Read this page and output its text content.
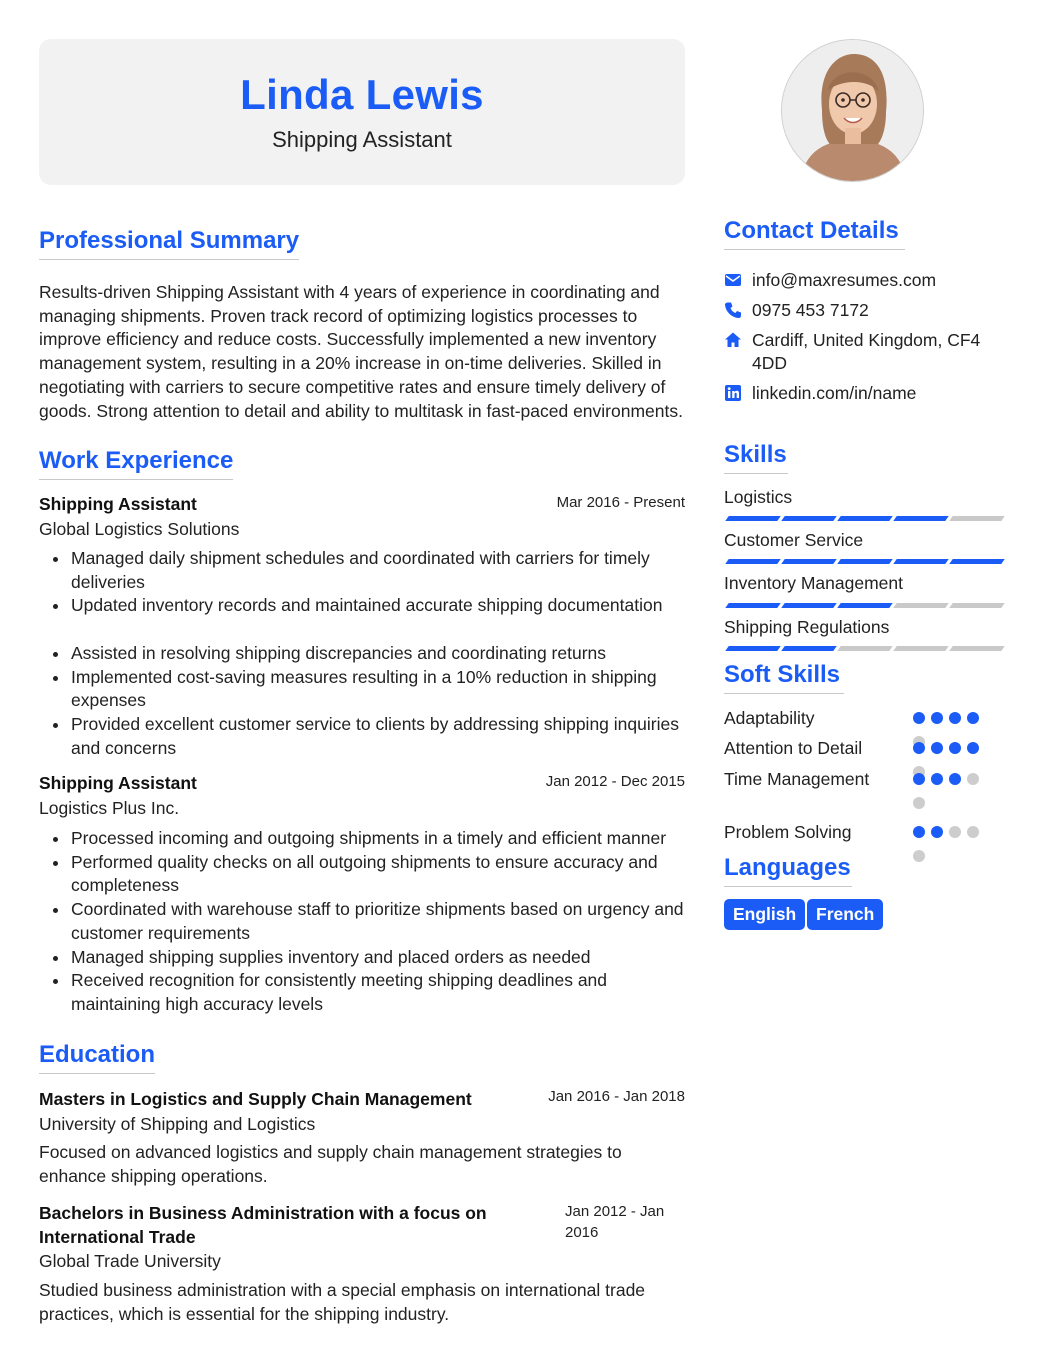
Linda Lewis
Shipping Assistant
Professional Summary
Results-driven Shipping Assistant with 4 years of experience in coordinating and managing shipments. Proven track record of optimizing logistics processes to improve efficiency and reduce costs. Successfully implemented a new inventory management system, resulting in a 20% increase in on-time deliveries. Skilled in negotiating with carriers to secure competitive rates and ensure timely delivery of goods. Strong attention to detail and ability to multitask in fast-paced environments.
Work Experience
Shipping Assistant	Mar 2016 - Present
Global Logistics Solutions
Managed daily shipment schedules and coordinated with carriers for timely deliveries
Updated inventory records and maintained accurate shipping documentation
Assisted in resolving shipping discrepancies and coordinating returns
Implemented cost-saving measures resulting in a 10% reduction in shipping expenses
Provided excellent customer service to clients by addressing shipping inquiries and concerns
Shipping Assistant	Jan 2012 - Dec 2015
Logistics Plus Inc.
Processed incoming and outgoing shipments in a timely and efficient manner
Performed quality checks on all outgoing shipments to ensure accuracy and completeness
Coordinated with warehouse staff to prioritize shipments based on urgency and customer requirements
Managed shipping supplies inventory and placed orders as needed
Received recognition for consistently meeting shipping deadlines and maintaining high accuracy levels
Education
Masters in Logistics and Supply Chain Management	Jan 2016 - Jan 2018
University of Shipping and Logistics
Focused on advanced logistics and supply chain management strategies to enhance shipping operations.
Bachelors in Business Administration with a focus on International Trade
Jan 2012 - Jan 2016
Global Trade University
Studied business administration with a special emphasis on international trade practices, which is essential for the shipping industry.
Contact Details
info@maxresumes.com
0975 453 7172
Cardiff, United Kingdom, CF4 4DD
linkedin.com/in/name
Skills
Logistics
Customer Service
Inventory Management
Shipping Regulations
Soft Skills
Adaptability
Attention to Detail
Time Management
Problem Solving
Languages
English	French
